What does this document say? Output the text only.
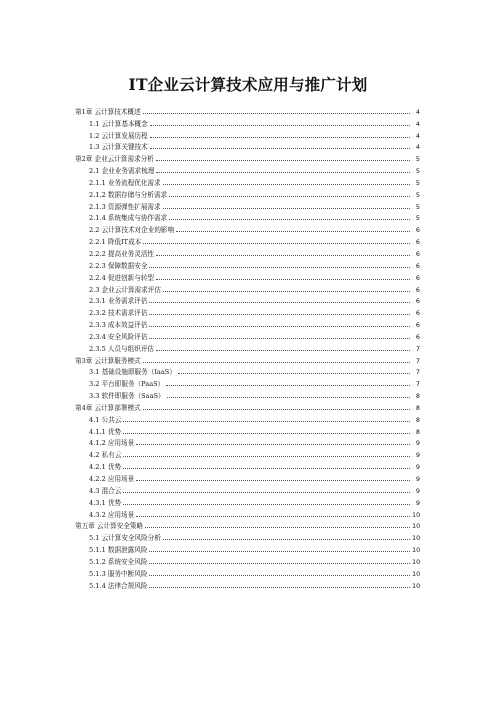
IT企业云计算技术应用与推广计划
第1章 云计算技术概述	4
1.1 云计算基本概念	4
1.2 云计算发展历程	4
1.3 云计算关键技术	4
第2章 企业云计算需求分析	5
2.1 企业业务需求梳理	5
2.1.1 业务流程优化需求	5
2.1.2 数据存储与分析需求	5
2.1.3 资源弹性扩展需求	5
2.1.4 系统集成与协作需求	5
2.2 云计算技术对企业的影响	6
2.2.1 降低IT成本	6
2.2.2 提高业务灵活性	6
2.2.3 保障数据安全	6
2.2.4 促进创新与转型	6
2.3 企业云计算需求评估	6
2.3.1 业务需求评估	6
2.3.2 技术需求评估	6
2.3.3 成本效益评估	6
2.3.4 安全风险评估	6
2.3.5 人员与组织评估	7
第3章 云计算服务模式	7
3.1 基础设施即服务（IaaS）	7
3.2 平台即服务（PaaS）	7
3.3 软件即服务（SaaS）	8
第4章 云计算部署模式	8
4.1 公共云	8
4.1.1 优势	8
4.1.2 应用场景	9
4.2 私有云	9
4.2.1 优势	9
4.2.2 应用场景	9
4.3 混合云	9
4.3.1 优势	9
4.3.2 应用场景	10
第五章 云计算安全策略	10
5.1 云计算安全风险分析	10
5.1.1 数据泄露风险	10
5.1.2 系统安全风险	10
5.1.3 服务中断风险	10
5.1.4 法律合规风险	10
